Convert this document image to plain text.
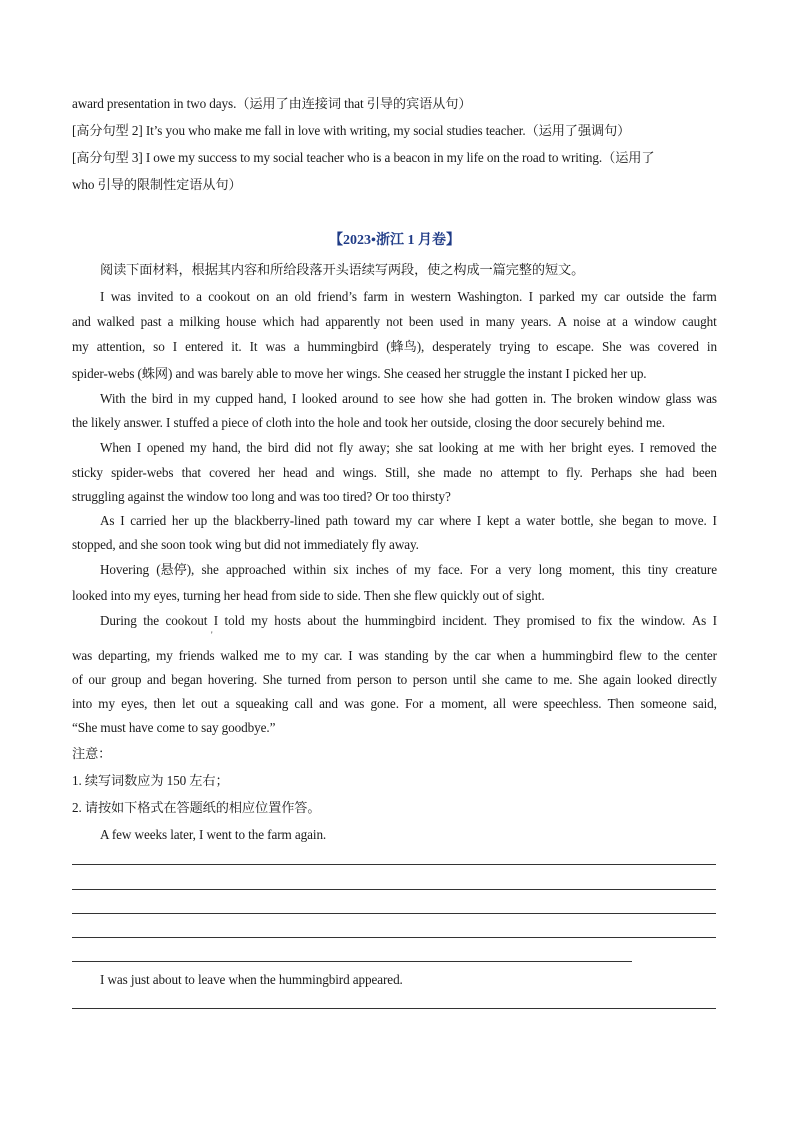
award presentation in two days.（运用了由连接词 that 引导的宾语从句）
[高分句型 2] It’s you who make me fall in love with writing, my social studies teacher.（运用了强调句）
[高分句型 3] I owe my success to my social teacher who is a beacon in my life on the road to writing.（运用了
who 引导的限制性定语从句）
【2023•浙江 1 月卷】
阅读下面材料，根据其内容和所给段落开头语续写两段，使之构成一篇完整的短文。
I was invited to a cookout on an old friend’s farm in western Washington. I parked my car outside the farm
and walked past a milking house which had apparently not been used in many years. A noise at a window caught
my attention, so I entered it. It was a hummingbird (蜂鸟), desperately trying to escape. She was covered in
spider-webs (蛛网) and was barely able to move her wings. She ceased her struggle the instant I picked her up.
With the bird in my cupped hand, I looked around to see how she had gotten in. The broken window glass was
the likely answer. I stuffed a piece of cloth into the hole and took her outside, closing the door securely behind me.
When I opened my hand, the bird did not fly away; she sat looking at me with her bright eyes. I removed the
sticky spider-webs that covered her head and wings. Still, she made no attempt to fly. Perhaps she had been
struggling against the window too long and was too tired? Or too thirsty?
As I carried her up the blackberry-lined path toward my car where I kept a water bottle, she began to move. I
stopped, and she soon took wing but did not immediately fly away.
Hovering (悬停), she approached within six inches of my face. For a very long moment, this tiny creature
looked into my eyes, turning her head from side to side. Then she flew quickly out of sight.
During the cookout I told my hosts about the hummingbird incident. They promised to fix the window. As I
'
was departing, my friends walked me to my car. I was standing by the car when a hummingbird flew to the center
of our group and began hovering. She turned from person to person until she came to me. She again looked directly
into my eyes, then let out a squeaking call and was gone. For a moment, all were speechless. Then someone said,
“She must have come to say goodbye.”
注意：
1. 续写词数应为 150 左右；
2. 请按如下格式在答题纸的相应位置作答。
A few weeks later, I went to the farm again.
I was just about to leave when the hummingbird appeared.
